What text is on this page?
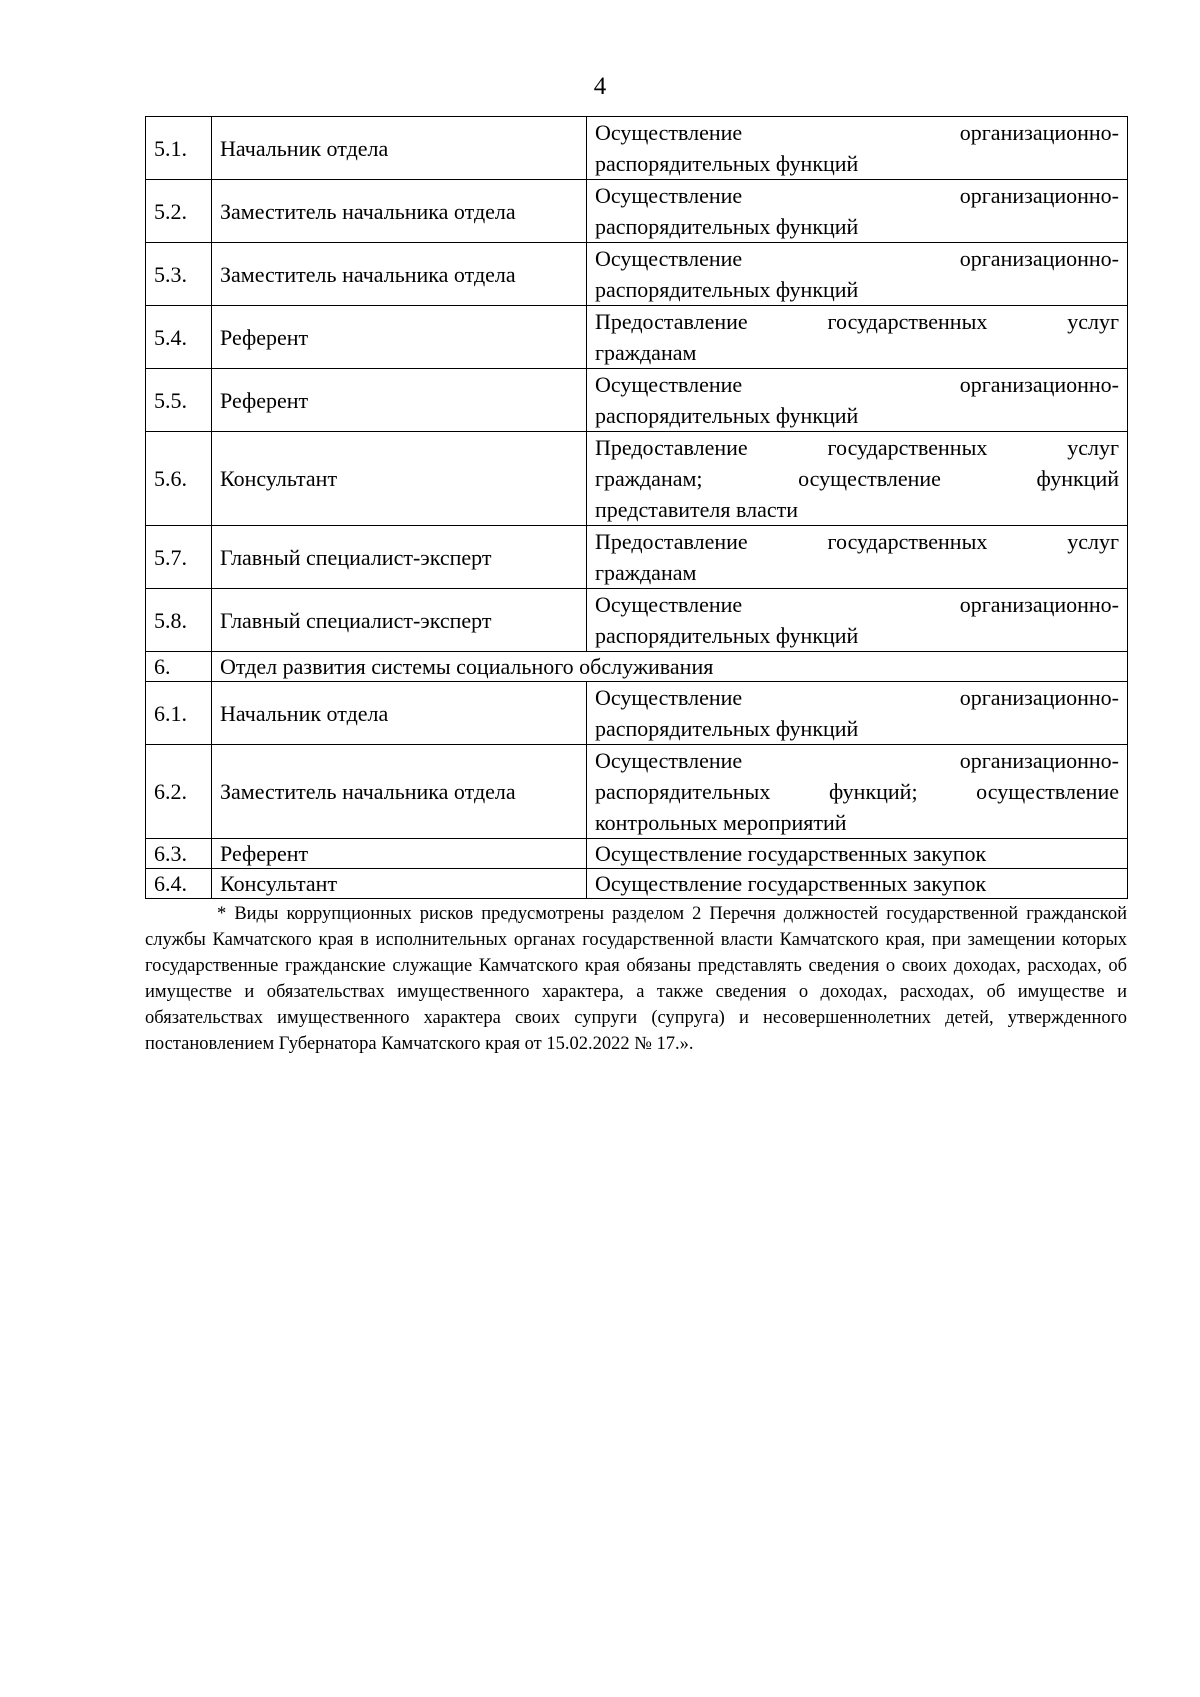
4
5.1.	Начальник отдела	Осуществление организационно-
распорядительных функций

5.2.	Заместитель начальника отдела	Осуществление организационно-
распорядительных функций

5.3.	Заместитель начальника отдела	Осуществление организационно-
распорядительных функций

5.4.	Референт	Предоставление государственных услуг
гражданам

5.5.	Референт	Осуществление организационно-
распорядительных функций

5.6.	Консультант	Предоставление государственных услуг
гражданам; осуществление функций
представителя власти

5.7.	Главный специалист-эксперт	Предоставление государственных услуг
гражданам

5.8.	Главный специалист-эксперт	Осуществление организационно-
распорядительных функций

6.	Отдел развития системы социального обслуживания	
6.1.	Начальник отдела	Осуществление организационно-
распорядительных функций

6.2.	Заместитель начальника отдела	Осуществление организационно-
распорядительных функций; осуществление
контрольных мероприятий

6.3.	Референт	Осуществление государственных закупок

6.4.	Консультант	Осуществление государственных закупок
* Виды коррупционных рисков предусмотрены разделом 2 Перечня должностей государственной гражданской службы Камчатского края в исполнительных органах государственной власти Камчатского края, при замещении которых государственные гражданские служащие Камчатского края обязаны представлять сведения о своих доходах, расходах, об имуществе и обязательствах имущественного характера, а также сведения о доходах, расходах, об имуществе и обязательствах имущественного характера своих супруги (супруга) и несовершеннолетних детей, утвержденного постановлением Губернатора Камчатского края от 15.02.2022 № 17.».
